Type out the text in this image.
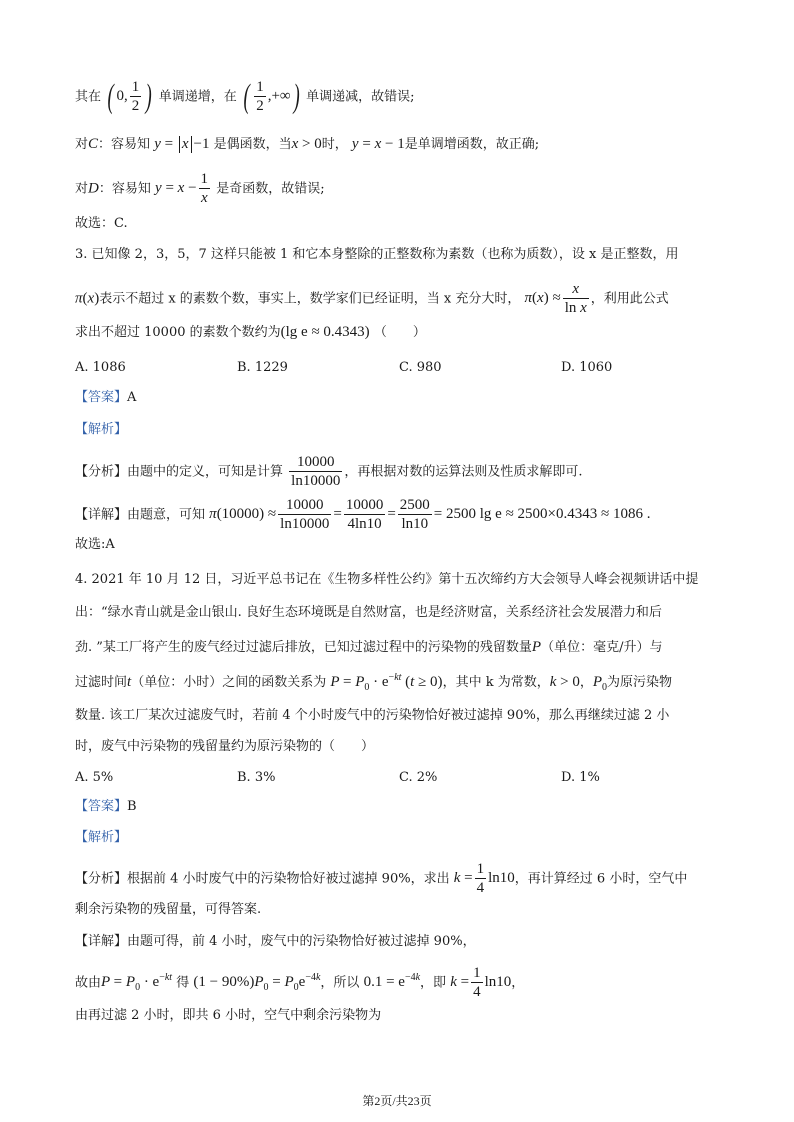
其在 ( 0, $\frac{1}{2}$ ) 单调递增，在 ( $\frac{1}{2}$ ,+∞) 单调递减，故错误;
对C：容易知 y = x −1 是偶函数，当x > 0时， y = x − 1是单调增函数，故正确;
对D：容易知 $y = x - \frac{1}{x}$ 是奇函数，故错误;
故选：C.
3. 已知像 2，3，5，7 这样只能被 1 和它本身整除的正整数称为素数（也称为质数），设 x 是正整数，用
π(x)表示不超过 x 的素数个数，事实上，数学家们已经证明，当 x 充分大时， $\pi(x) \approx \frac{x}{\text{ln x}}$ ，利用此公式
求出不超过 10000 的素数个数约为(lg e ≈ 0.4343) （　　）
A. 1086	B. 1229	C. 980	D. 1060
【答案】A
【解析】
【分析】由题中的定义，可知是计算 $\frac{10000}{\ln 10000}$ ，再根据对数的运算法则及性质求解即可.
【详解】由题意，可知 $\pi(10000) \approx \frac{10000}{\ln 10000} = \frac{10000}{4\ln 10} = \frac{2500}{\ln 10} = 2500$ lg e ≈ 2500×0.4343 ≈ 1086 .
故选:A
4. 2021 年 10 月 12 日，习近平总书记在《生物多样性公约》第十五次缔约方大会领导人峰会视频讲话中提
出：“绿水青山就是金山银山. 良好生态环境既是自然财富，也是经济财富，关系经济社会发展潜力和后
劲. ”某工厂将产生的废气经过过滤后排放，已知过滤过程中的污染物的残留数量P（单位：毫克/升）与
过滤时间t（单位：小时）之间的函数关系为 $P = P_0 \cdot e^{-kt}$ (t ≥ 0)，其中 k 为常数，k > 0，$P_0$为原污染物
数量. 该工厂某次过滤废气时，若前 4 个小时废气中的污染物恰好被过滤掉 90%，那么再继续过滤 2 小
时，废气中污染物的残留量约为原污染物的（　　）
A. 5%	B. 3%	C. 2%	D. 1%
【答案】B
【解析】
【分析】根据前 4 小时废气中的污染物恰好被过滤掉 90%，求出 $k = \frac{1}{4} \ln 10$，再计算经过 6 小时，空气中
剩余污染物的残留量，可得答案.
【详解】由题可得，前 4 小时，废气中的污染物恰好被过滤掉 90%，
故由$P = P_0 \cdot e^{-kt}$ 得 $(1 - 90\%)P_0 = P_0e^{-4k}$，所以 $0.1 = e^{-4k}$，即 $k = \frac{1}{4} \ln 10$，
由再过滤 2 小时，即共 6 小时，空气中剩余污染物为
第2页/共23页
